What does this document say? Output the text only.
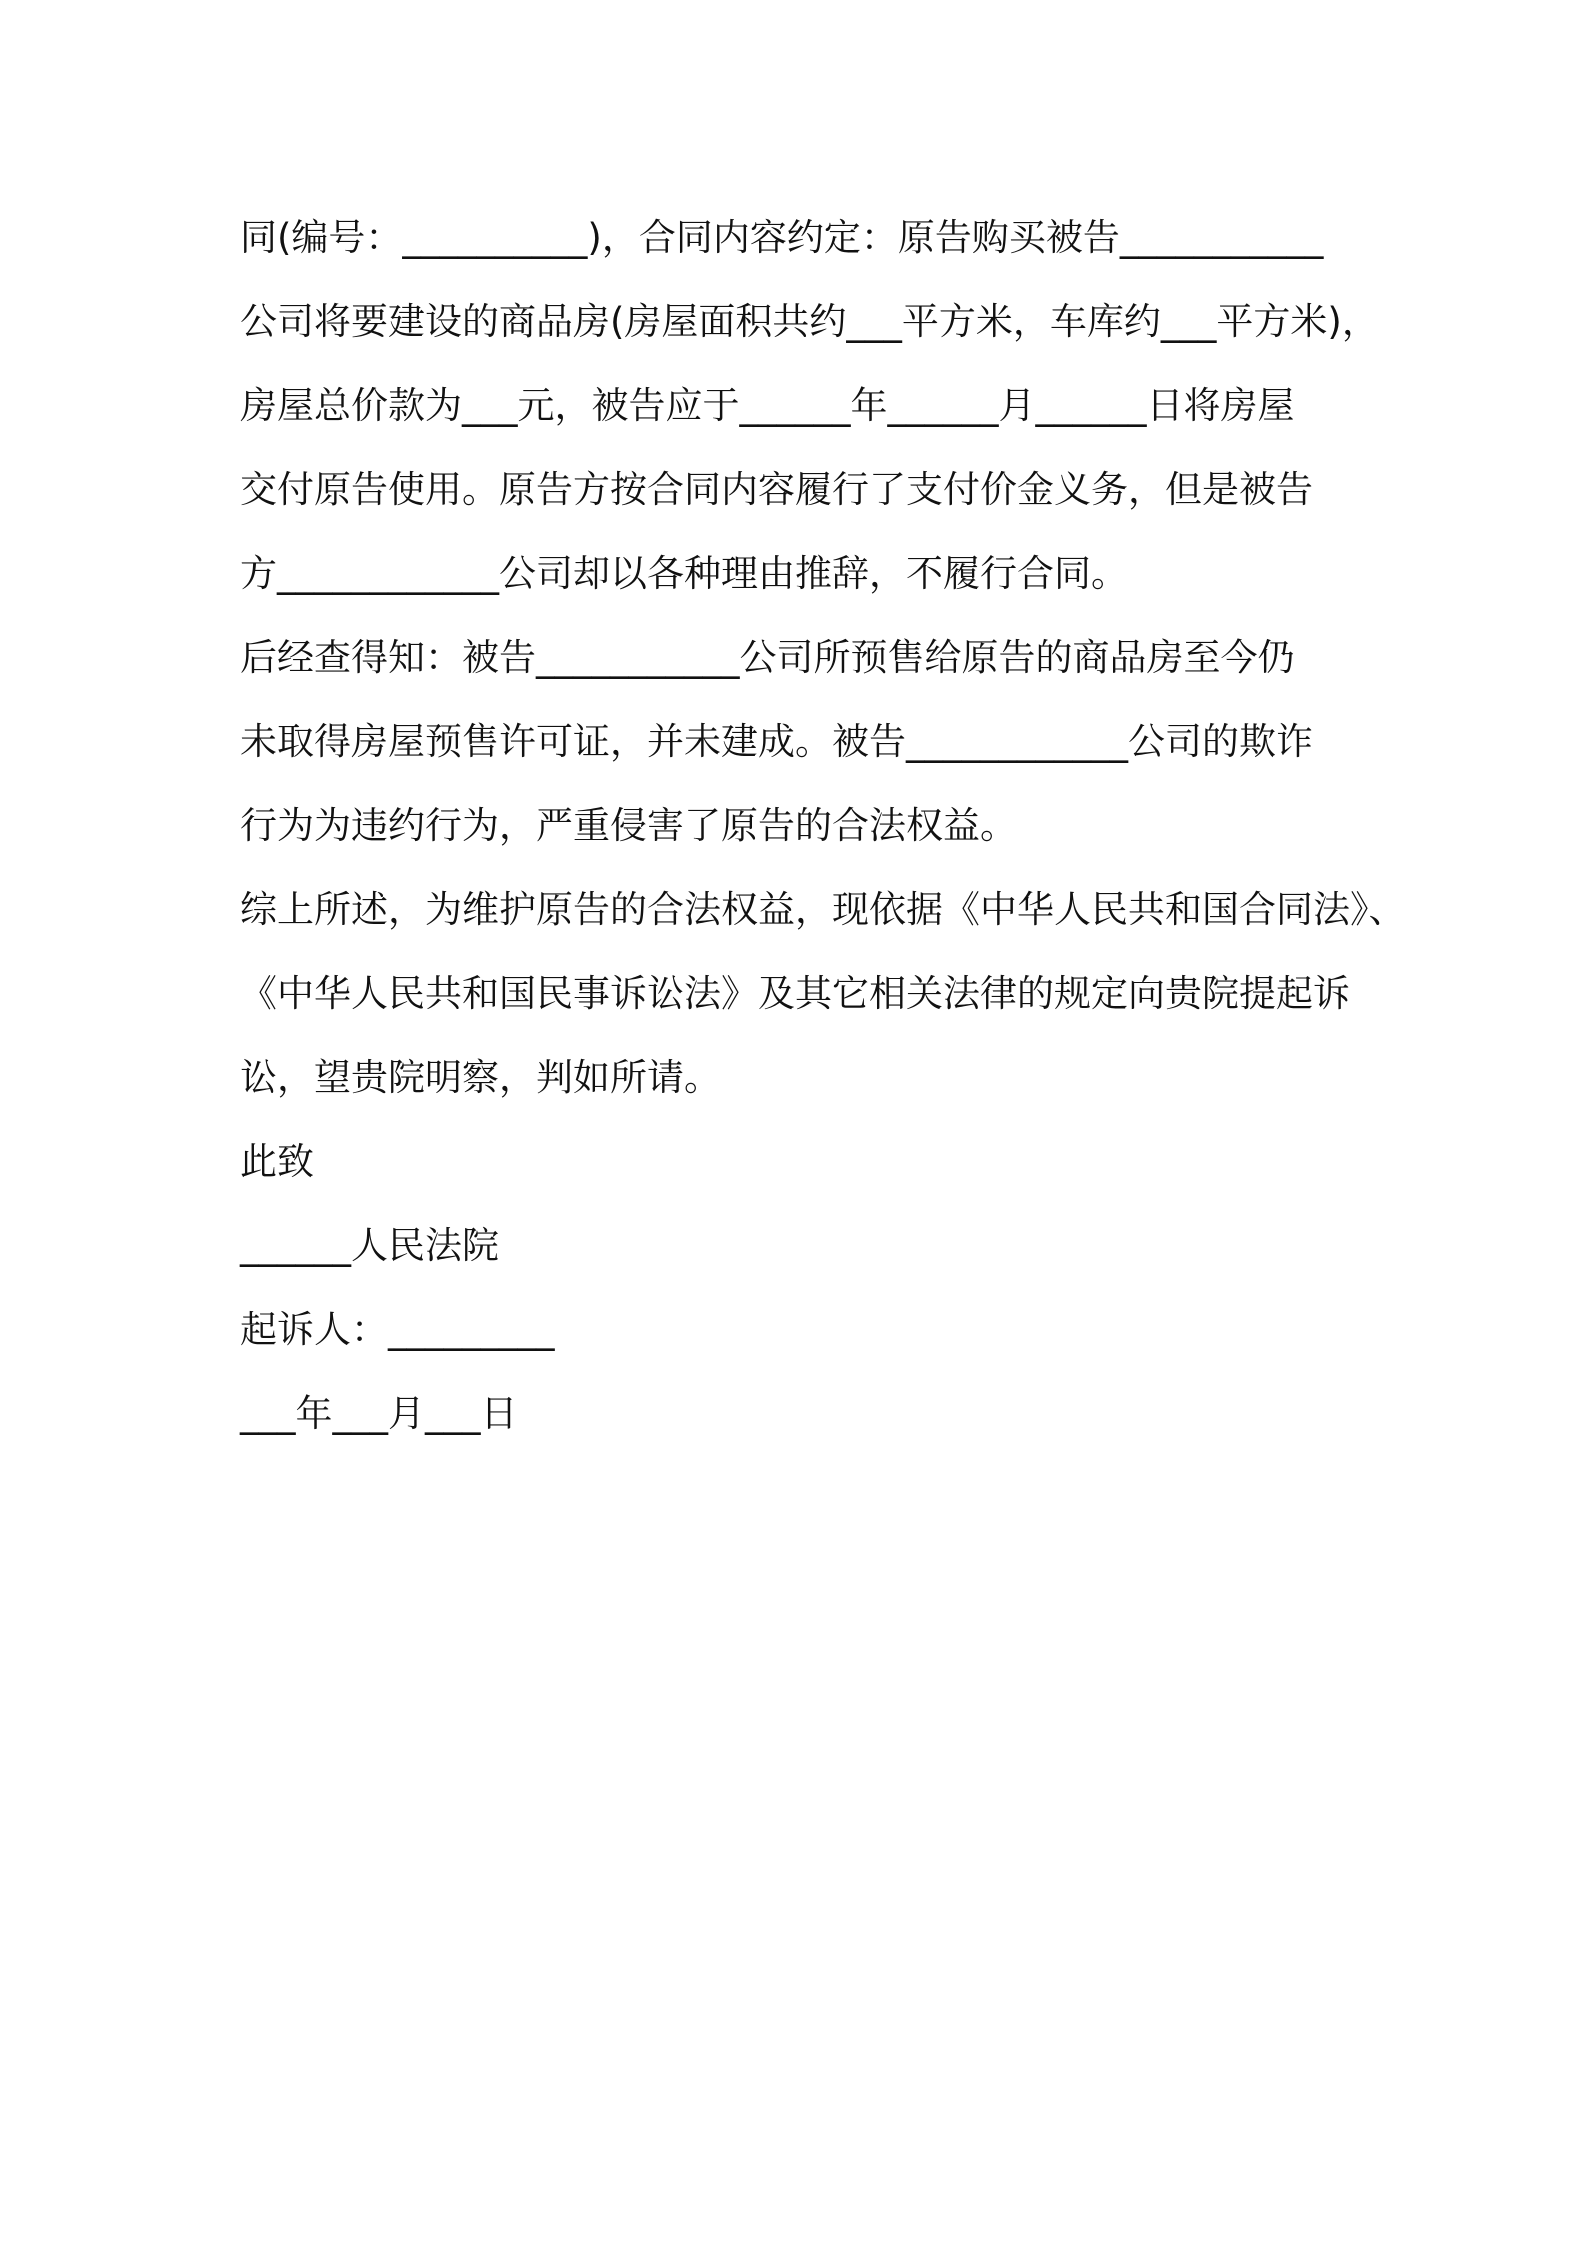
同(编号：__________)，合同内容约定：原告购买被告___________
公司将要建设的商品房(房屋面积共约___平方米，车库约___平方米)，
房屋总价款为___元，被告应于______年______月______日将房屋
交付原告使用。原告方按合同内容履行了支付价金义务，但是被告
方____________公司却以各种理由推辞，不履行合同。
后经查得知：被告___________公司所预售给原告的商品房至今仍
未取得房屋预售许可证，并未建成。被告____________公司的欺诈
行为为违约行为，严重侵害了原告的合法权益。
综上所述，为维护原告的合法权益，现依据《中华人民共和国合同法》、
《中华人民共和国民事诉讼法》及其它相关法律的规定向贵院提起诉
讼，望贵院明察，判如所请。
此致
______人民法院
起诉人：_________
___年___月___日
